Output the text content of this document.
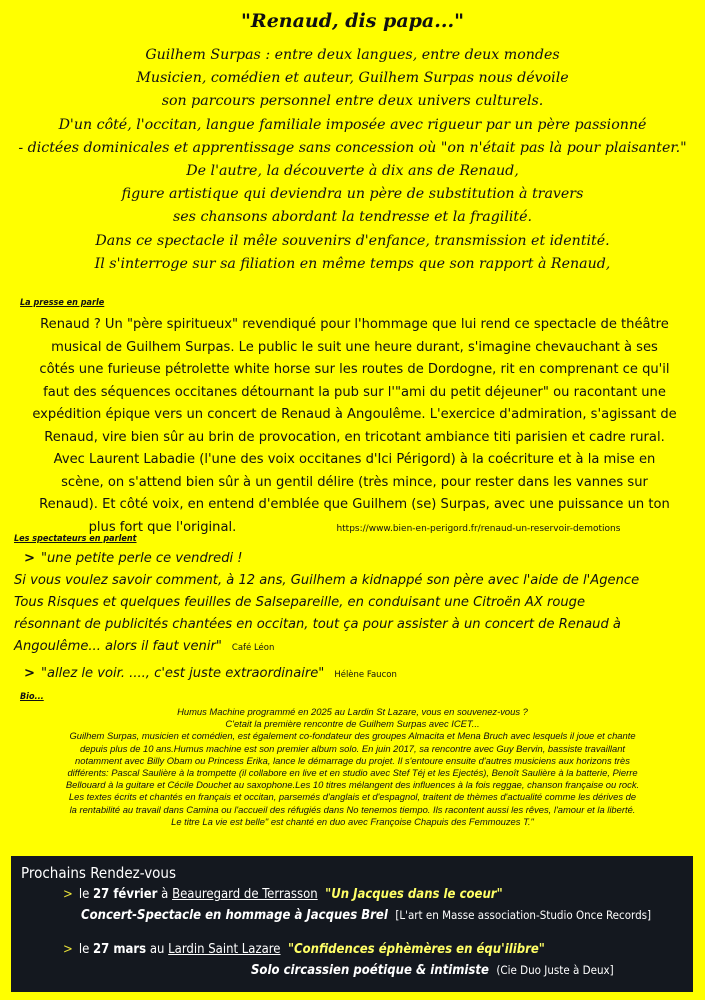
"Renaud, dis papa..."
Guilhem Surpas : entre deux langues, entre deux mondes
Musicien, comédien et auteur, Guilhem Surpas nous dévoile
son parcours personnel entre deux univers culturels.
D'un côté, l'occitan, langue familiale imposée avec rigueur par un père passionné
- dictées dominicales et apprentissage sans concession où "on n'était pas là pour plaisanter."
De l'autre, la découverte à dix ans de Renaud,
figure artistique qui deviendra un père de substitution à travers
ses chansons abordant la tendresse et la fragilité.
Dans ce spectacle il mêle souvenirs d'enfance, transmission et identité.
Il s'interroge sur sa filiation en même temps que son rapport à Renaud,
La presse en parle
Renaud ? Un "père spiritueux" revendiqué pour l'hommage que lui rend ce spectacle de théâtre
musical de Guilhem Surpas. Le public le suit une heure durant, s'imagine chevauchant à ses
côtés une furieuse pétrolette white horse sur les routes de Dordogne, rit en comprenant ce qu'il
faut des séquences occitanes détournant la pub sur l'"ami du petit déjeuner" ou racontant une
expédition épique vers un concert de Renaud à Angoulême. L'exercice d'admiration, s'agissant de
Renaud, vire bien sûr au brin de provocation, en tricotant ambiance titi parisien et cadre rural.
Avec Laurent Labadie (l'une des voix occitanes d'Ici Périgord) à la coécriture et à la mise en
scène, on s'attend bien sûr à un gentil délire (très mince, pour rester dans les vannes sur
Renaud). Et côté voix, en entend d'emblée que Guilhem (se) Surpas, avec une puissance un ton
plus fort que l'original.	https://www.bien-en-perigord.fr/renaud-un-reservoir-demotions
Les spectateurs en parlent
> "une petite perle ce vendredi !
Si vous voulez savoir comment, à 12 ans, Guilhem a kidnappé son père avec l'aide de l'Agence
Tous Risques et quelques feuilles de Salsepareille, en conduisant une Citroën AX rouge
résonnant de publicités chantées en occitan, tout ça pour assister à un concert de Renaud à
Angoulême... alors il faut venir" Café Léon
> "allez le voir. ...., c'est juste extraordinaire" Hélène Faucon
Bio...
Humus Machine programmé en 2025 au Lardin St Lazare, vous en souvenez-vous ?
C'etait la première rencontre de Guilhem Surpas avec ICET...
Guilhem Surpas, musicien et comédien, est également co-fondateur des groupes Almacita et Mena Bruch avec lesquels il joue et chante
depuis plus de 10 ans.Humus machine est son premier album solo. En juin 2017, sa rencontre avec Guy Bervin, bassiste travaillant
notamment avec Billy Obam ou Princess Erika, lance le démarrage du projet. Il s'entoure ensuite d'autres musiciens aux horizons très
différents: Pascal Saulière à la trompette (il collabore en live et en studio avec Stef Téj et les Ejectés), Benoît Saulière à la batterie, Pierre
Bellouard à la guitare et Cécile Douchet au saxophone.Les 10 titres mélangent des influences à la fois reggae, chanson française ou rock.
Les textes écrits et chantés en français et occitan, parsemés d'anglais et d'espagnol, traitent de thèmes d'actualité comme les dérives de
la rentabilité au travail dans Camina ou l'accueil des réfugiés dans No tenemos tiempo. Ils racontent aussi les rêves, l'amour et la liberté.
Le titre La vie est belle" est chanté en duo avec Françoise Chapuis des Femmouzes T."
Prochains Rendez-vous
> le 27 février à Beauregard de Terrasson "Un Jacques dans le coeur"
Concert-Spectacle en hommage à Jacques Brel [L'art en Masse association-Studio Once Records]
> le 27 mars au Lardin Saint Lazare "Confidences éphèmères en équ'ilibre"
Solo circassien poétique & intimiste (Cie Duo Juste à Deux]
